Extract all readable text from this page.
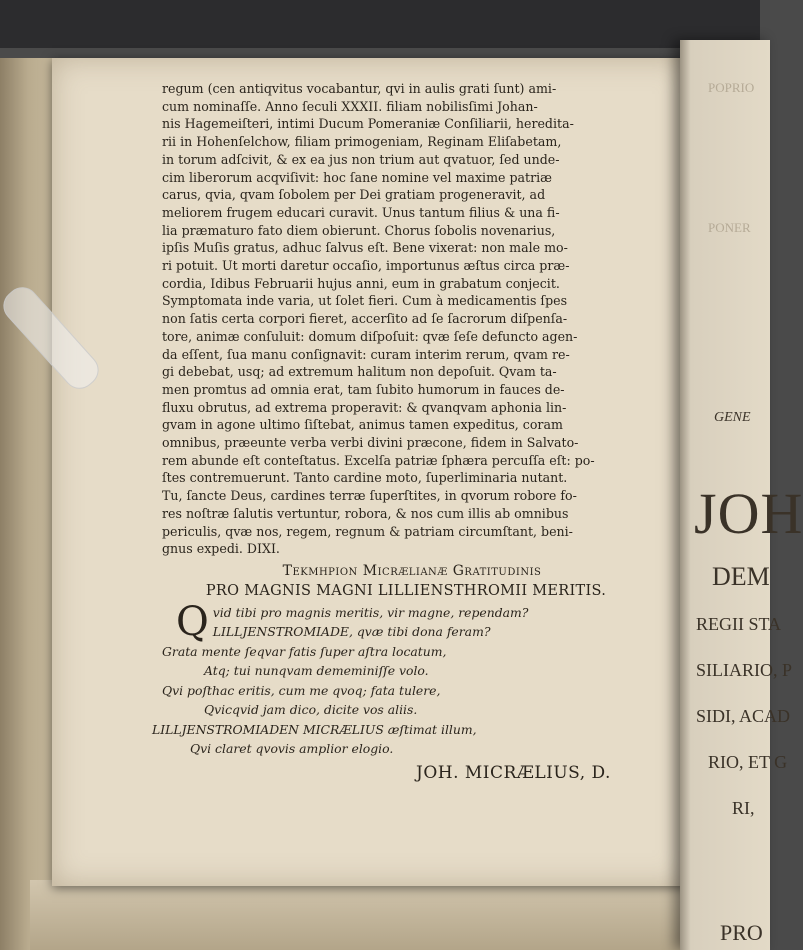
POPRIO
PONER
GENE
JOH
DEM
REGII STA
SILIARIO, P
SIDI, ACAD
RIO, ET G
RI,
PRO
regum (cen antiqvitus vocabantur, qvi in aulis grati ſunt) ami-
cum nominaſſe. Anno ſeculi XXXII. filiam nobilisſimi Johan-
nis Hagemeiſteri, intimi Ducum Pomeraniæ Conſiliarii, heredita-
rii in Hohenſelchow, filiam primogeniam, Reginam Eliſabetam,
in torum adſcivit, & ex ea jus non trium aut qvatuor, ſed unde-
cim liberorum acqviſivit: hoc ſane nomine vel maxime patriæ
carus, qvia, qvam ſobolem per Dei gratiam progeneravit, ad
meliorem frugem educari curavit. Unus tantum filius & una fi-
lia præmaturo fato diem obierunt. Chorus ſobolis novenarius,
ipſis Muſis gratus, adhuc ſalvus eſt. Bene vixerat: non male mo-
ri potuit. Ut morti daretur occaſio, importunus æſtus circa præ-
cordia, Idibus Februarii hujus anni, eum in grabatum conjecit.
Symptomata inde varia, ut ſolet fieri. Cum à medicamentis ſpes
non ſatis certa corpori fieret, accerſito ad ſe ſacrorum diſpenſa-
tore, animæ conſuluit: domum diſpoſuit: qvæ ſeſe defuncto agen-
da eſſent, ſua manu conſignavit: curam interim rerum, qvam re-
gi debebat, usq; ad extremum halitum non depoſuit. Qvam ta-
men promtus ad omnia erat, tam ſubito humorum in fauces de-
fluxu obrutus, ad extrema properavit: & qvanqvam aphonia lin-
gvam in agone ultimo ſiſtebat, animus tamen expeditus, coram
omnibus, præeunte verba verbi divini præcone, fidem in Salvato-
rem abunde eſt conteſtatus. Excelſa patriæ ſphæra percuſſa eſt: po-
ſtes contremuerunt. Tanto cardine moto, ſuperliminaria nutant.
Tu, ſancte Deus, cardines terræ ſuperſtites, in qvorum robore fo-
res noſtræ ſalutis vertuntur, robora, & nos cum illis ab omnibus
periculis, qvæ nos, regem, regnum & patriam circumſtant, beni-
gnus expedi. DIXI.
Tekmhpion Micrælianæ Gratitudinis
PRO MAGNIS MAGNI LILLIENSTHROMII MERITIS.
Q vid tibi pro magnis meritis, vir magne, rependam?
LILLJENSTROMIADE, qvæ tibi dona feram?
Grata mente ſeqvar fatis ſuper aſtra locatum,
Atq; tui nunqvam dememiniſſe volo.
Qvi poſthac eritis, cum me qvoq; fata tulere,
Qvicqvid jam dico, dicite vos aliis.
LILLJENSTROMIADEN MICRÆLIUS æſtimat illum,
Qvi claret qvovis amplior elogio.
JOH. MICRÆLIUS, D.
